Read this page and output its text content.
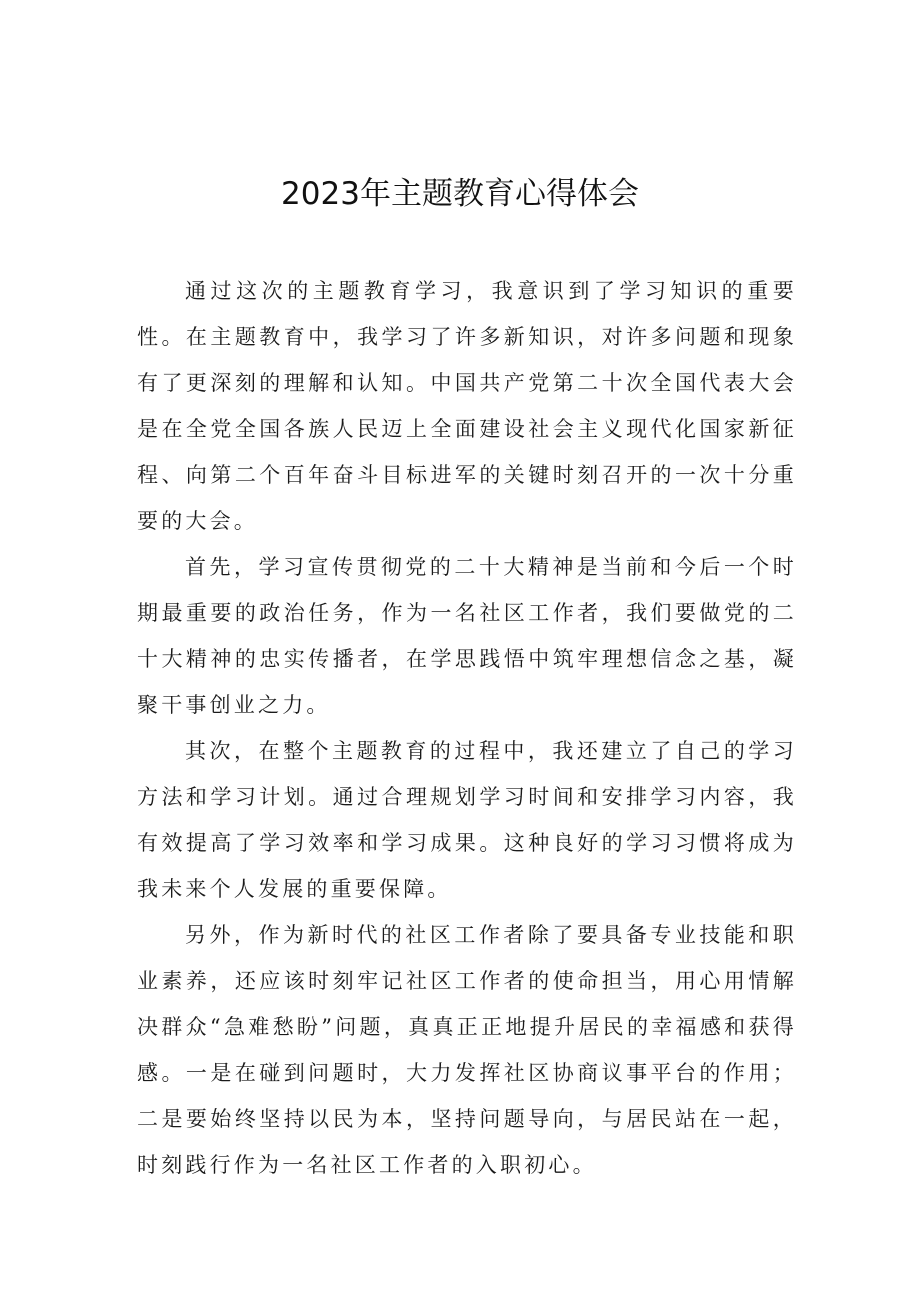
2023年主题教育心得体会

通过这次的主题教育学习，我意识到了学习知识的重要性。在主题教育中，我学习了许多新知识，对许多问题和现象有了更深刻的理解和认知。中国共产党第二十次全国代表大会是在全党全国各族人民迈上全面建设社会主义现代化国家新征程、向第二个百年奋斗目标进军的关键时刻召开的一次十分重要的大会。

首先，学习宣传贯彻党的二十大精神是当前和今后一个时期最重要的政治任务，作为一名社区工作者，我们要做党的二十大精神的忠实传播者，在学思践悟中筑牢理想信念之基，凝聚干事创业之力。

其次，在整个主题教育的过程中，我还建立了自己的学习方法和学习计划。通过合理规划学习时间和安排学习内容，我有效提高了学习效率和学习成果。这种良好的学习习惯将成为我未来个人发展的重要保障。

另外，作为新时代的社区工作者除了要具备专业技能和职业素养，还应该时刻牢记社区工作者的使命担当，用心用情解决群众“急难愁盼”问题，真真正正地提升居民的幸福感和获得感。一是在碰到问题时，大力发挥社区协商议事平台的作用；二是要始终坚持以民为本，坚持问题导向，与居民站在一起，时刻践行作为一名社区工作者的入职初心。
